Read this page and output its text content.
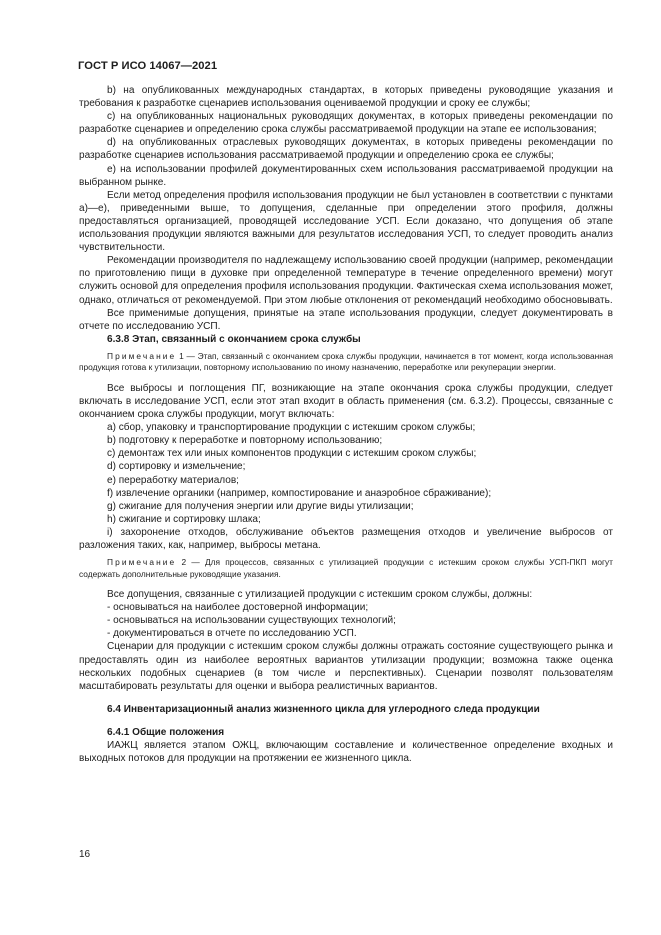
ГОСТ Р ИСО 14067—2021

b) на опубликованных международных стандартах, в которых приведены руководящие указания и требования к разработке сценариев использования оцениваемой продукции и сроку ее службы;

c) на опубликованных национальных руководящих документах, в которых приведены рекомендации по разработке сценариев и определению срока службы рассматриваемой продукции на этапе ее использования;

d) на опубликованных отраслевых руководящих документах, в которых приведены рекомендации по разработке сценариев использования рассматриваемой продукции и определению срока ее службы;

e) на использовании профилей документированных схем использования рассматриваемой продукции на выбранном рынке.

Если метод определения профиля использования продукции не был установлен в соответствии с пунктами а)—е), приведенными выше, то допущения, сделанные при определении этого профиля, должны предоставляться организацией, проводящей исследование УСП. Если доказано, что допущения об этапе использования продукции являются важными для результатов исследования УСП, то следует проводить анализ чувствительности.

Рекомендации производителя по надлежащему использованию своей продукции (например, рекомендации по приготовлению пищи в духовке при определенной температуре в течение определенного времени) могут служить основой для определения профиля использования продукции. Фактическая схема использования может, однако, отличаться от рекомендуемой. При этом любые отклонения от рекомендаций необходимо обосновывать.

Все применимые допущения, принятые на этапе использования продукции, следует документировать в отчете по исследованию УСП.

6.3.8 Этап, связанный с окончанием срока службы

Примечание 1 — Этап, связанный с окончанием срока службы продукции, начинается в тот момент, когда использованная продукция готова к утилизации, повторному использованию по иному назначению, переработке или рекуперации энергии.

Все выбросы и поглощения ПГ, возникающие на этапе окончания срока службы продукции, следует включать в исследование УСП, если этот этап входит в область применения (см. 6.3.2). Процессы, связанные с окончанием срока службы продукции, могут включать:

а) сбор, упаковку и транспортирование продукции с истекшим сроком службы;

b) подготовку к переработке и повторному использованию;

c) демонтаж тех или иных компонентов продукции с истекшим сроком службы;

d) сортировку и измельчение;

e) переработку материалов;

f) извлечение органики (например, компостирование и анаэробное сбраживание);

g) сжигание для получения энергии или другие виды утилизации;

h) сжигание и сортировку шлака;

i) захоронение отходов, обслуживание объектов размещения отходов и увеличение выбросов от разложения таких, как, например, выбросы метана.

Примечание 2 — Для процессов, связанных с утилизацией продукции с истекшим сроком службы УСП-ПКП могут содержать дополнительные руководящие указания.

Все допущения, связанные с утилизацией продукции с истекшим сроком службы, должны:

- основываться на наиболее достоверной информации;

- основываться на использовании существующих технологий;

- документироваться в отчете по исследованию УСП.

Сценарии для продукции с истекшим сроком службы должны отражать состояние существующего рынка и предоставлять один из наиболее вероятных вариантов утилизации продукции; возможна также оценка нескольких подобных сценариев (в том числе и перспективных). Сценарии позволят пользователям масштабировать результаты для оценки и выбора реалистичных вариантов.

6.4 Инвентаризационный анализ жизненного цикла для углеродного следа продукции

6.4.1 Общие положения

ИАЖЦ является этапом ОЖЦ, включающим составление и количественное определение входных и выходных потоков для продукции на протяжении ее жизненного цикла.

16
